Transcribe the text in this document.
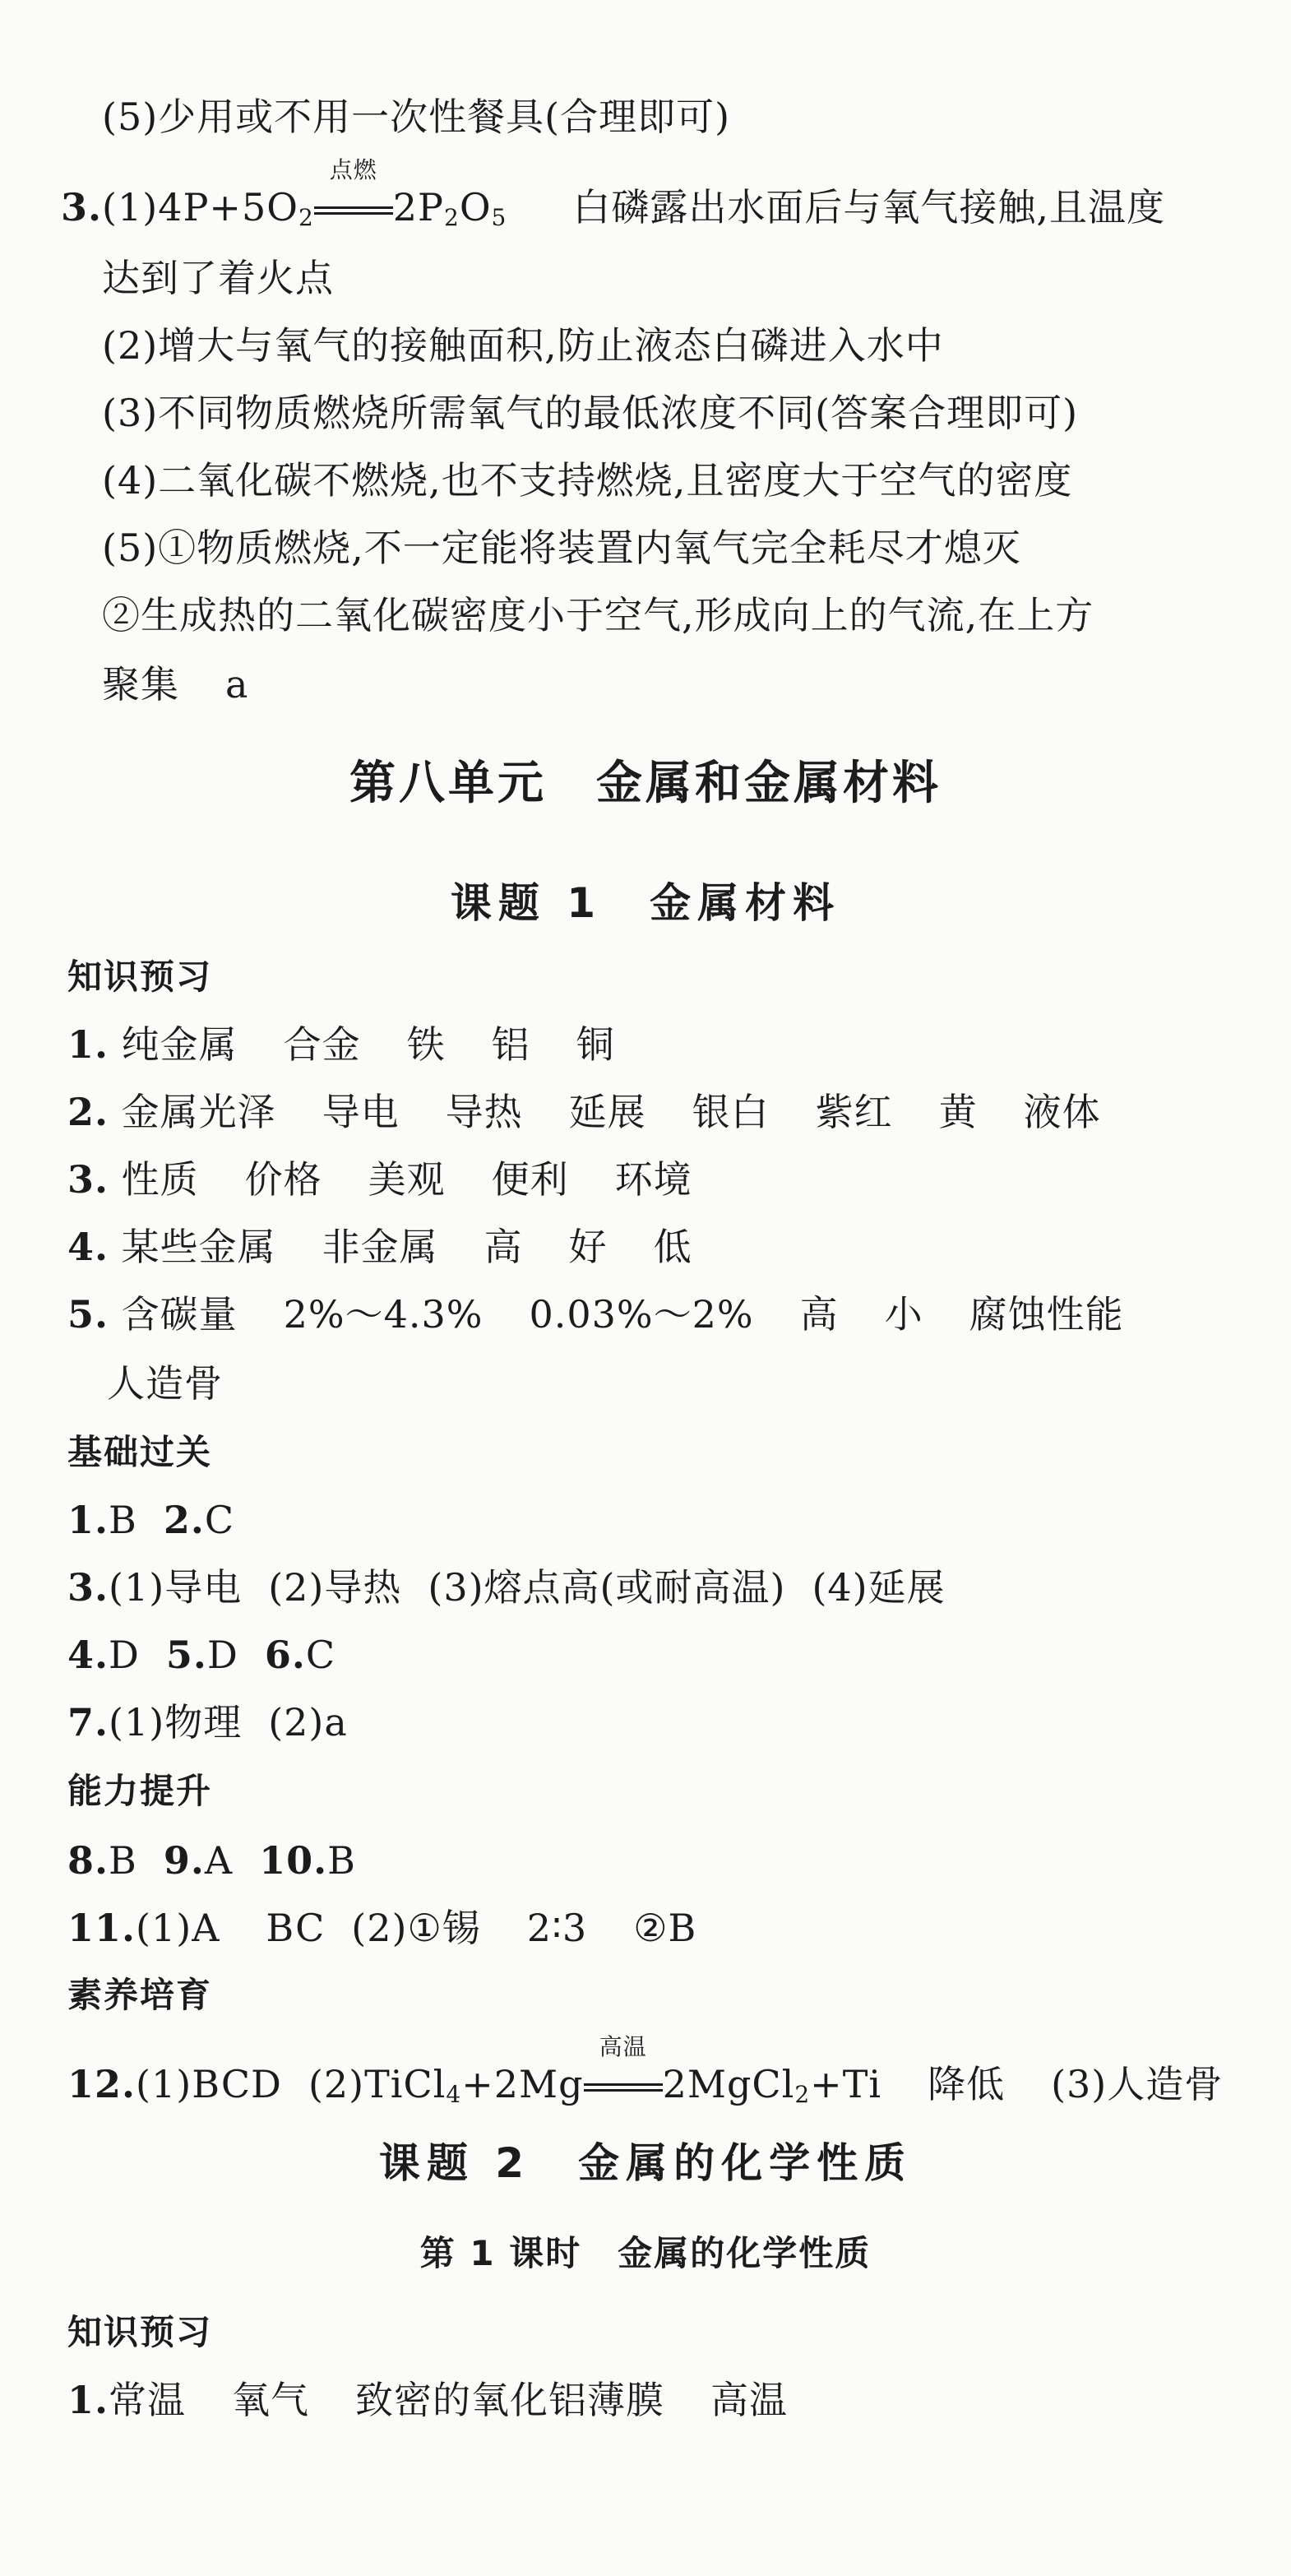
(5)少用或不用一次性餐具(合理即可)
$3.(1)4P+5O_2$
点燃
$2P_2O_5$ 白磷露出水面后与氧气接触,且温度
达到了着火点
(2)增大与氧气的接触面积,防止液态白磷进入水中
(3)不同物质燃烧所需氧气的最低浓度不同(答案合理即可)
(4)二氧化碳不燃烧,也不支持燃烧,且密度大于空气的密度
(5)①物质燃烧,不一定能将装置内氧气完全耗尽才熄灭
②生成热的二氧化碳密度小于空气,形成向上的气流,在上方
聚集 a
第八单元　金属和金属材料
课题 1　金属材料
知识预习
1. 纯金属 合金 铁 铝 铜
2. 金属光泽 导电 导热 延展 银白 紫红 黄 液体
3. 性质 价格 美观 便利 环境
4. 某些金属 非金属 高 好 低
5. 含碳量 2%～4.3% 0.03%～2% 高 小 腐蚀性能
人造骨
基础过关
1.B 2.C
3.(1)导电 (2)导热 (3)熔点高(或耐高温) (4)延展
4.D 5.D 6.C
7.(1)物理 (2)a
能力提升
8.B 9.A 10.B
11.(1)A BC (2)①锡 2∶3 ②B
素养培育
12.(1)BCD (2)TiCl$_4$+2Mg
高温
2MgCl$_2$+Ti 降低 (3)人造骨
课题 2　金属的化学性质
第 1 课时　金属的化学性质
知识预习
1.常温 氧气 致密的氧化铝薄膜 高温
